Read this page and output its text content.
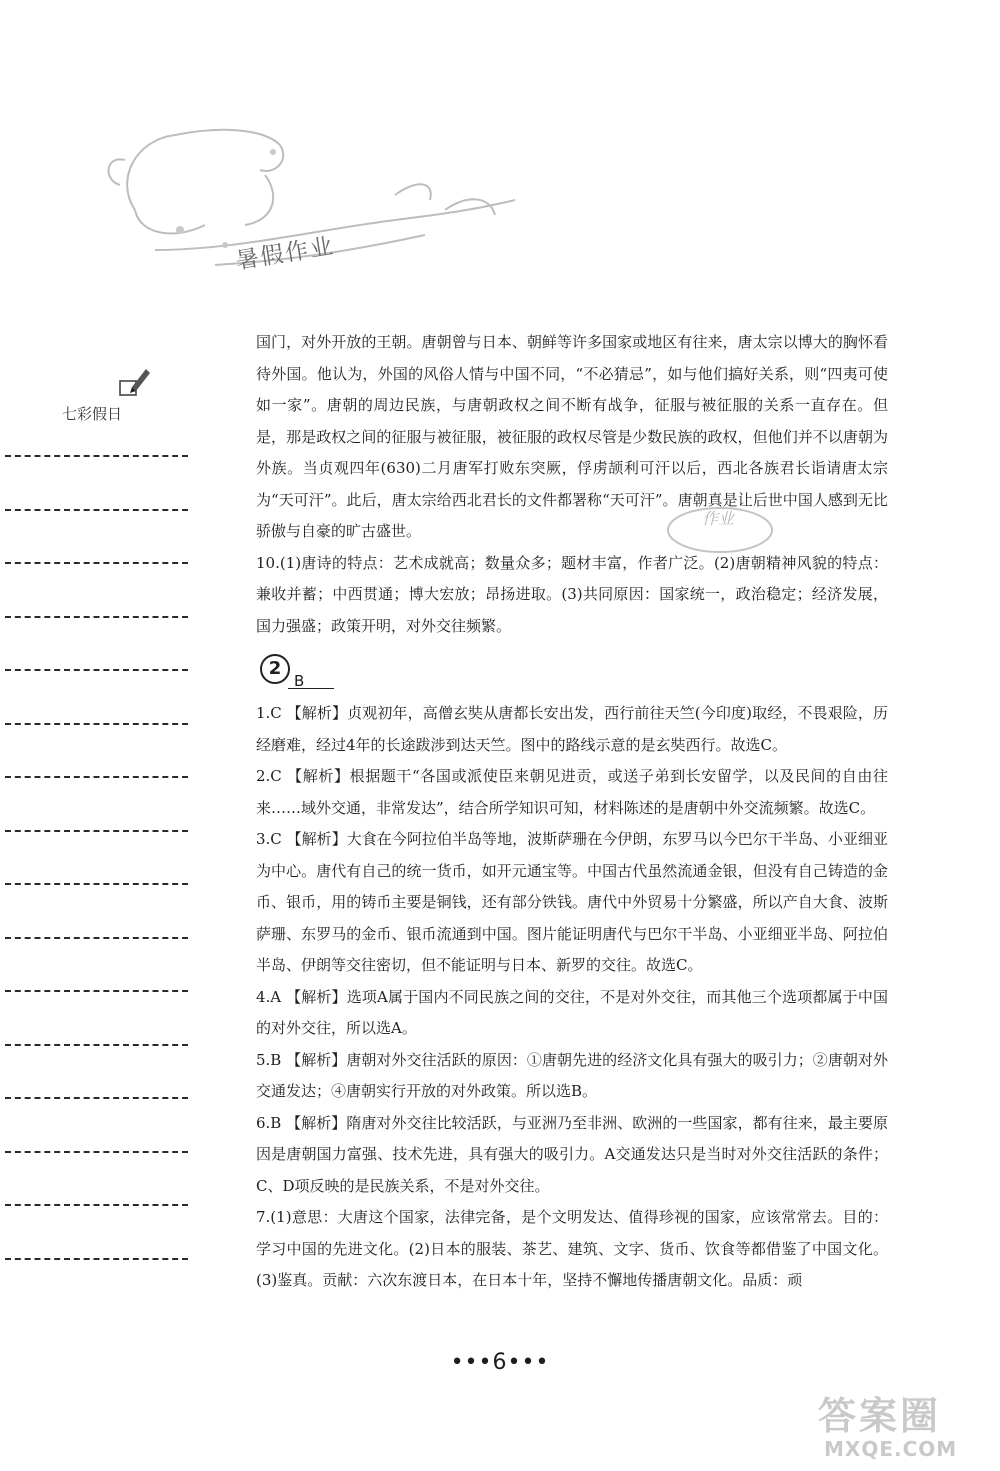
暑假作业
七彩假日

国门，对外开放的王朝。唐朝曾与日本、朝鲜等许多国家或地区有往来，唐太宗以博大的胸怀看待外国。他认为，外国的风俗人情与中国不同，“不必猜忌”，如与他们搞好关系，则“四夷可使如一家”。唐朝的周边民族，与唐朝政权之间不断有战争，征服与被征服的关系一直存在。但是，那是政权之间的征服与被征服，被征服的政权尽管是少数民族的政权，但他们并不以唐朝为外族。当贞观四年(630)二月唐军打败东突厥，俘虏颉利可汗以后，西北各族君长诣请唐太宗为“天可汗”。此后，唐太宗给西北君长的文件都署称“天可汗”。唐朝真是让后世中国人感到无比骄傲与自豪的旷古盛世。

10.(1)唐诗的特点：艺术成就高；数量众多；题材丰富，作者广泛。(2)唐朝精神风貌的特点：兼收并蓄；中西贯通；博大宏放；昂扬进取。(3)共同原因：国家统一，政治稳定；经济发展，国力强盛；政策开明，对外交往频繁。

2
B

1.C 【解析】贞观初年，高僧玄奘从唐都长安出发，西行前往天竺(今印度)取经，不畏艰险，历经磨难，经过4年的长途跋涉到达天竺。图中的路线示意的是玄奘西行。故选C。

2.C 【解析】根据题干“各国或派使臣来朝见进贡，或送子弟到长安留学，以及民间的自由往来……域外交通，非常发达”，结合所学知识可知，材料陈述的是唐朝中外交流频繁。故选C。

3.C 【解析】大食在今阿拉伯半岛等地，波斯萨珊在今伊朗，东罗马以今巴尔干半岛、小亚细亚为中心。唐代有自己的统一货币，如开元通宝等。中国古代虽然流通金银，但没有自己铸造的金币、银币，用的铸币主要是铜钱，还有部分铁钱。唐代中外贸易十分繁盛，所以产自大食、波斯萨珊、东罗马的金币、银币流通到中国。图片能证明唐代与巴尔干半岛、小亚细亚半岛、阿拉伯半岛、伊朗等交往密切，但不能证明与日本、新罗的交往。故选C。

4.A 【解析】选项A属于国内不同民族之间的交往，不是对外交往，而其他三个选项都属于中国的对外交往，所以选A。

5.B 【解析】唐朝对外交往活跃的原因：①唐朝先进的经济文化具有强大的吸引力；②唐朝对外交通发达；④唐朝实行开放的对外政策。所以选B。

6.B 【解析】隋唐对外交往比较活跃，与亚洲乃至非洲、欧洲的一些国家，都有往来，最主要原因是唐朝国力富强、技术先进，具有强大的吸引力。A交通发达只是当时对外交往活跃的条件；C、D项反映的是民族关系，不是对外交往。

7.(1)意思：大唐这个国家，法律完备，是个文明发达、值得珍视的国家，应该常常去。目的：学习中国的先进文化。(2)日本的服装、茶艺、建筑、文字、货币、饮食等都借鉴了中国文化。(3)鉴真。贡献：六次东渡日本，在日本十年，坚持不懈地传播唐朝文化。品质：顽

作业
•••6•••
答案圈
MXQE.COM
